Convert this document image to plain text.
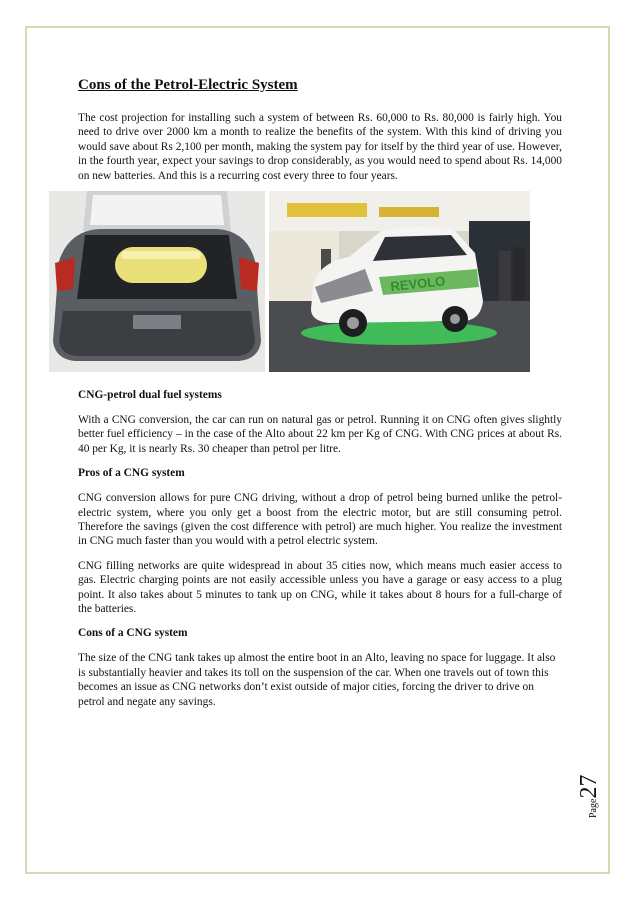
Cons of the Petrol-Electric System

The cost projection for installing such a system of between Rs. 60,000 to Rs. 80,000 is fairly high. You need to drive over 2000 km a month to realize the benefits of the system. With this kind of driving you would save about Rs 2,100 per month, making the system pay for itself by the third year of use. However, in the fourth year, expect your savings to drop considerably, as you would need to spend about Rs. 14,000 on new batteries. And this is a recurring cost every three to four years.

REVOLO
CNG-petrol dual fuel systems

With a CNG conversion, the car can run on natural gas or petrol. Running it on CNG often gives slightly better fuel efficiency – in the case of the Alto about 22 km per Kg of CNG. With CNG prices at about Rs. 40 per Kg, it is nearly Rs. 30 cheaper than petrol per litre.

Pros of a CNG system

CNG conversion allows for pure CNG driving, without a drop of petrol being burned unlike the petrol-electric system, where you only get a boost from the electric motor, but are still consuming petrol. Therefore the savings (given the cost difference with petrol) are much higher. You realize the investment in CNG much faster than you would with a petrol electric system.

CNG filling networks are quite widespread in about 35 cities now, which means much easier access to gas. Electric charging points are not easily accessible unless you have a garage or easy access to a plug point. It also takes about 5 minutes to tank up on CNG, while it takes about 8 hours for a full-charge of the batteries.

Cons of a CNG system

The size of the CNG tank takes up almost the entire boot in an Alto, leaving no space for luggage. It also is substantially heavier and takes its toll on the suspension of the car. When one travels out of town this becomes an issue as CNG networks don’t exist outside of major cities, forcing the driver to drive on petrol and negate any savings.

Page27
